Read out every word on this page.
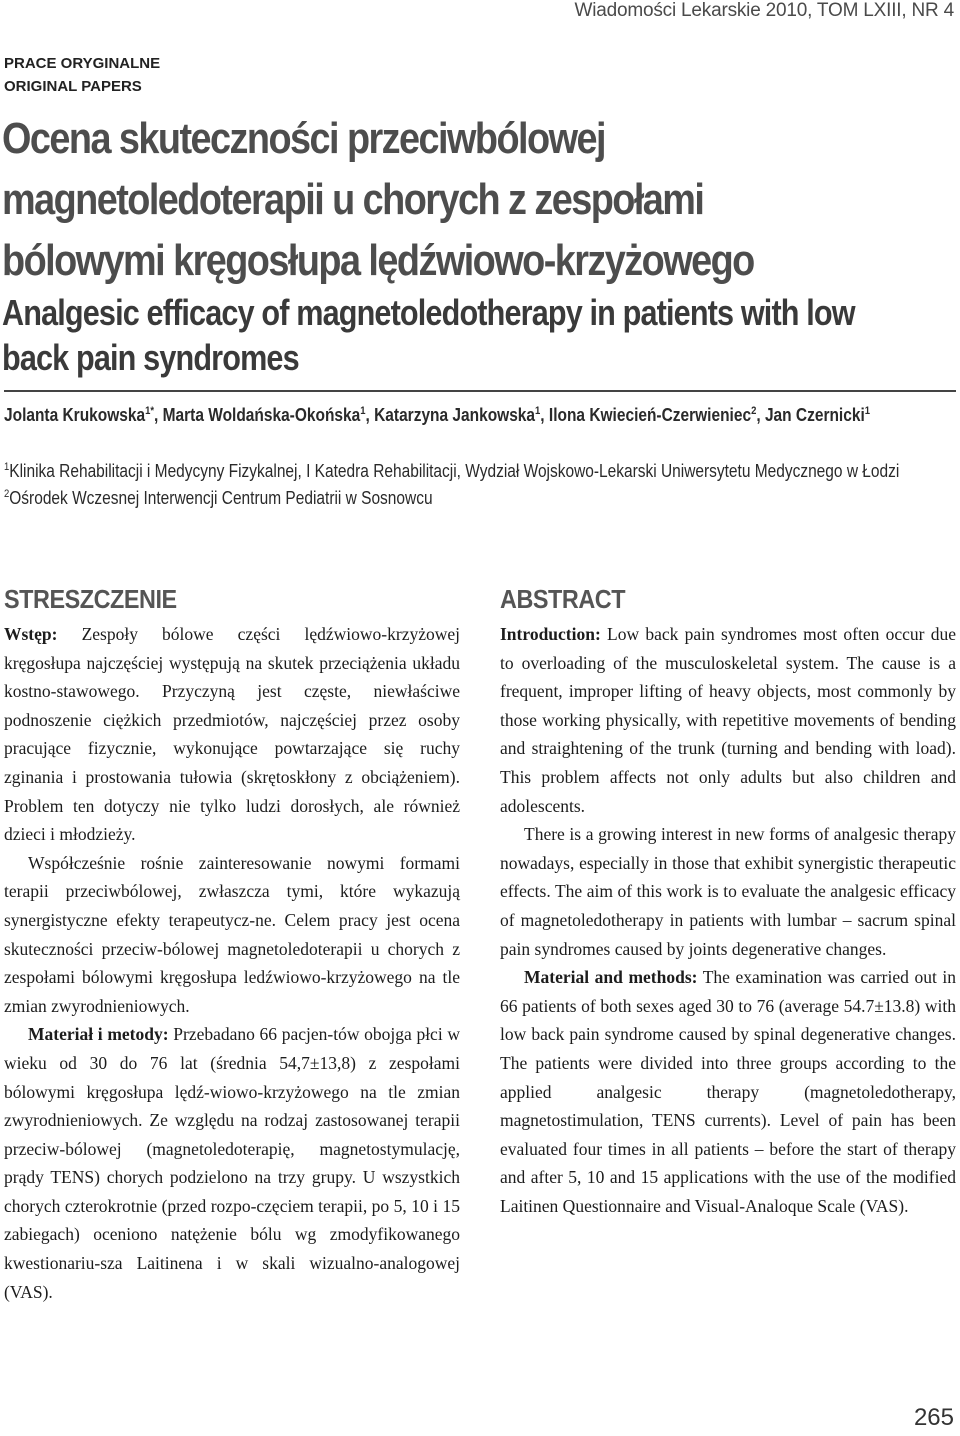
Wiadomości Lekarskie 2010, TOM LXIII, NR 4
PRACE ORYGINALNE
ORIGINAL PAPERS
Ocena skuteczności przeciwbólowej magnetoledoterapii u chorych z zespołami bólowymi kręgosłupa lędźwiowo-krzyżowego
Analgesic efficacy of magnetoledotherapy in patients with low back pain syndromes
Jolanta Krukowska$^{1*}$, Marta Woldańska-Okońska$^1$, Katarzyna Jankowska$^1$, Ilona Kwiecień-Czerwieniec$^2$, Jan Czernicki$^1$
$^1$Klinika Rehabilitacji i Medycyny Fizykalnej, I Katedra Rehabilitacji, Wydział Wojskowo-Lekarski Uniwersytetu Medycznego w Łodzi
$^2$Ośrodek Wczesnej Interwencji Centrum Pediatrii w Sosnowcu
STRESZCZENIE

Wstęp: Zespoły bólowe części lędźwiowo-krzyżowej kręgosłupa najczęściej występują na skutek przeciążenia układu kostno-stawowego. Przyczyną jest częste, niewłaściwe podnoszenie ciężkich przedmiotów, najczęściej przez osoby pracujące fizycznie, wykonujące powtarzające się ruchy zginania i prostowania tułowia (skrętoskłony z obciążeniem). Problem ten dotyczy nie tylko ludzi dorosłych, ale również dzieci i młodzieży.

Współcześnie rośnie zainteresowanie nowymi formami terapii przeciwbólowej, zwłaszcza tymi, które wykazują synergistyczne efekty terapeutycz-ne. Celem pracy jest ocena skuteczności przeciw-bólowej magnetoledoterapii u chorych z zespołami bólowymi kręgosłupa ledźwiowo-krzyżowego na tle zmian zwyrodnieniowych.

Materiał i metody: Przebadano 66 pacjen-tów obojga płci w wieku od 30 do 76 lat (średnia 54,7±13,8) z zespołami bólowymi kręgosłupa lędź-wiowo-krzyżowego na tle zmian zwyrodnieniowych. Ze względu na rodzaj zastosowanej terapii przeciw-bólowej (magnetoledoterapię, magnetostymulację, prądy TENS) chorych podzielono na trzy grupy. U wszystkich chorych czterokrotnie (przed rozpo-częciem terapii, po 5, 10 i 15 zabiegach) oceniono natężenie bólu wg zmodyfikowanego kwestionariu-sza Laitinena i w skali wizualno-analogowej (VAS).

ABSTRACT

Introduction: Low back pain syndromes most often occur due to overloading of the musculoskeletal system. The cause is a frequent, improper lifting of heavy objects, most commonly by those working physically, with repetitive movements of bending and straightening of the trunk (turning and bending with load). This problem affects not only adults but also children and adolescents.

There is a growing interest in new forms of analgesic therapy nowadays, especially in those that exhibit synergistic therapeutic effects. The aim of this work is to evaluate the analgesic efficacy of magnetoledotherapy in patients with lumbar – sacrum spinal pain syndromes caused by joints degenerative changes.

Material and methods: The examination was carried out in 66 patients of both sexes aged 30 to 76 (average 54.7±13.8) with low back pain syndrome caused by spinal degenerative changes. The patients were divided into three groups according to the applied analgesic therapy (magnetoledotherapy, magnetostimulation, TENS currents). Level of pain has been evaluated four times in all patients – before the start of therapy and after 5, 10 and 15 applications with the use of the modified Laitinen Questionnaire and Visual-Analoque Scale (VAS).

265
